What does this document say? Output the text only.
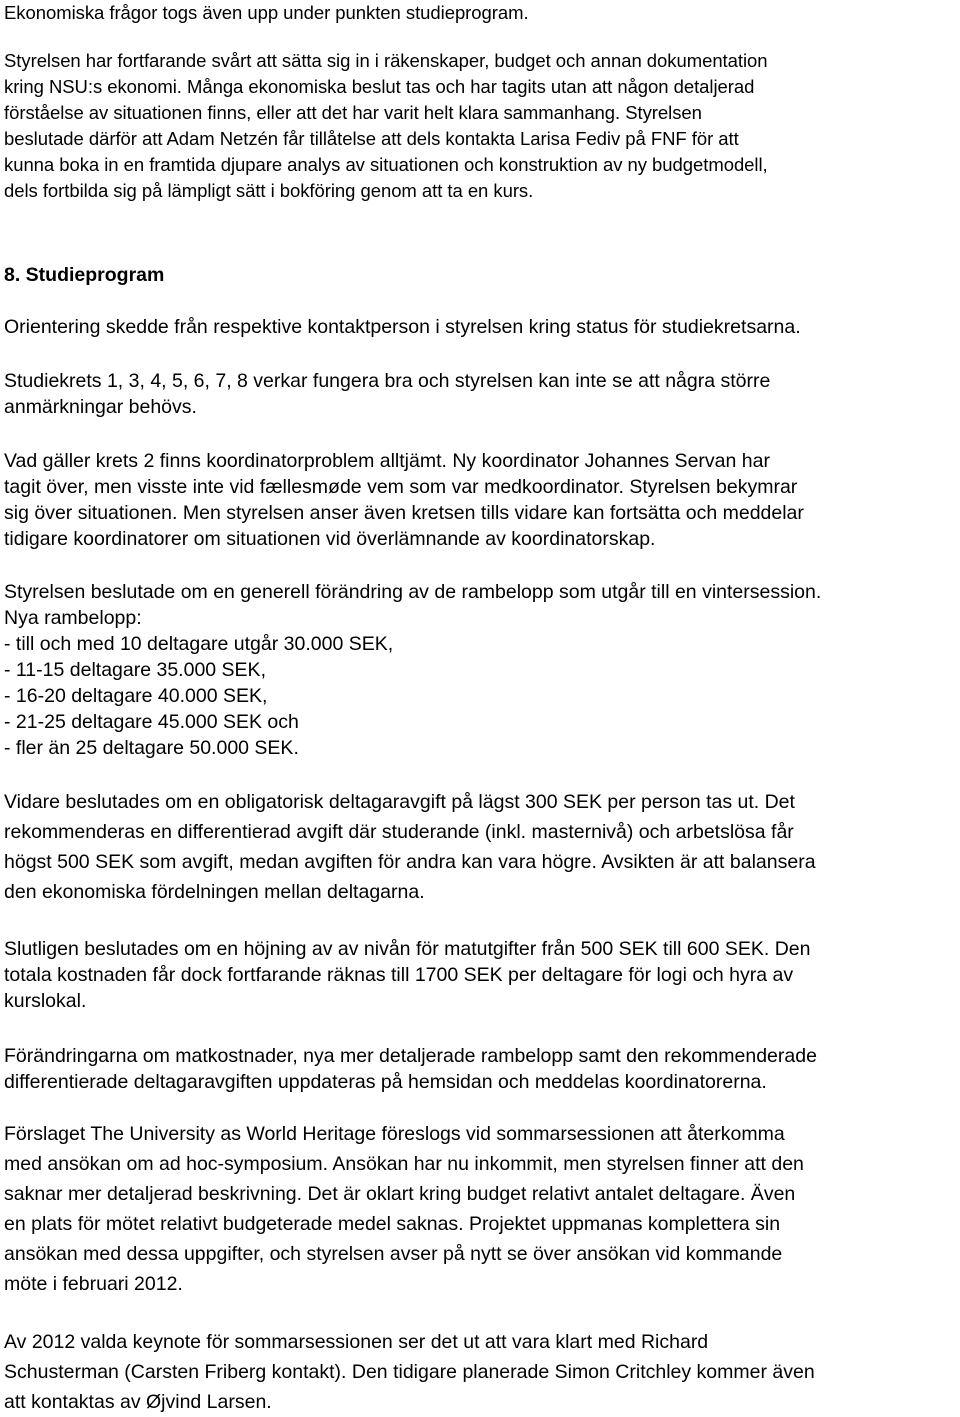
Ekonomiska frågor togs även upp under punkten studieprogram.
Styrelsen har fortfarande svårt att sätta sig in i räkenskaper, budget och annan dokumentation
kring NSU:s ekonomi. Många ekonomiska beslut tas och har tagits utan att någon detaljerad
förståelse av situationen finns, eller att det har varit helt klara sammanhang. Styrelsen
beslutade därför att Adam Netzén får tillåtelse att dels kontakta Larisa Fediv på FNF för att
kunna boka in en framtida djupare analys av situationen och konstruktion av ny budgetmodell,
dels fortbilda sig på lämpligt sätt i bokföring genom att ta en kurs.
8. Studieprogram
Orientering skedde från respektive kontaktperson i styrelsen kring status för studiekretsarna.
Studiekrets 1, 3, 4, 5, 6, 7, 8 verkar fungera bra och styrelsen kan inte se att några större
anmärkningar behövs.
Vad gäller krets 2 finns koordinatorproblem alltjämt. Ny koordinator Johannes Servan har
tagit över, men visste inte vid fællesmøde vem som var medkoordinator. Styrelsen bekymrar
sig över situationen. Men styrelsen anser även kretsen tills vidare kan fortsätta och meddelar
tidigare koordinatorer om situationen vid överlämnande av koordinatorskap.
Styrelsen beslutade om en generell förändring av de rambelopp som utgår till en vintersession.
Nya rambelopp:
- till och med 10 deltagare utgår 30.000 SEK,
- 11-15 deltagare 35.000 SEK,
- 16-20 deltagare 40.000 SEK,
- 21-25 deltagare 45.000 SEK och
- fler än 25 deltagare 50.000 SEK.
Vidare beslutades om en obligatorisk deltagaravgift på lägst 300 SEK per person tas ut. Det
rekommenderas en differentierad avgift där studerande (inkl. masternivå) och arbetslösa får
högst 500 SEK som avgift, medan avgiften för andra kan vara högre. Avsikten är att balansera
den ekonomiska fördelningen mellan deltagarna.
Slutligen beslutades om en höjning av av nivån för matutgifter från 500 SEK till 600 SEK. Den
totala kostnaden får dock fortfarande räknas till 1700 SEK per deltagare för logi och hyra av
kurslokal.
Förändringarna om matkostnader, nya mer detaljerade rambelopp samt den rekommenderade
differentierade deltagaravgiften uppdateras på hemsidan och meddelas koordinatorerna.
Förslaget The University as World Heritage föreslogs vid sommarsessionen att återkomma
med ansökan om ad hoc-symposium. Ansökan har nu inkommit, men styrelsen finner att den
saknar mer detaljerad beskrivning. Det är oklart kring budget relativt antalet deltagare. Även
en plats för mötet relativt budgeterade medel saknas. Projektet uppmanas komplettera sin
ansökan med dessa uppgifter, och styrelsen avser på nytt se över ansökan vid kommande
möte i februari 2012.
Av 2012 valda keynote för sommarsessionen ser det ut att vara klart med Richard
Schusterman (Carsten Friberg kontakt). Den tidigare planerade Simon Critchley kommer även
att kontaktas av Øjvind Larsen.
